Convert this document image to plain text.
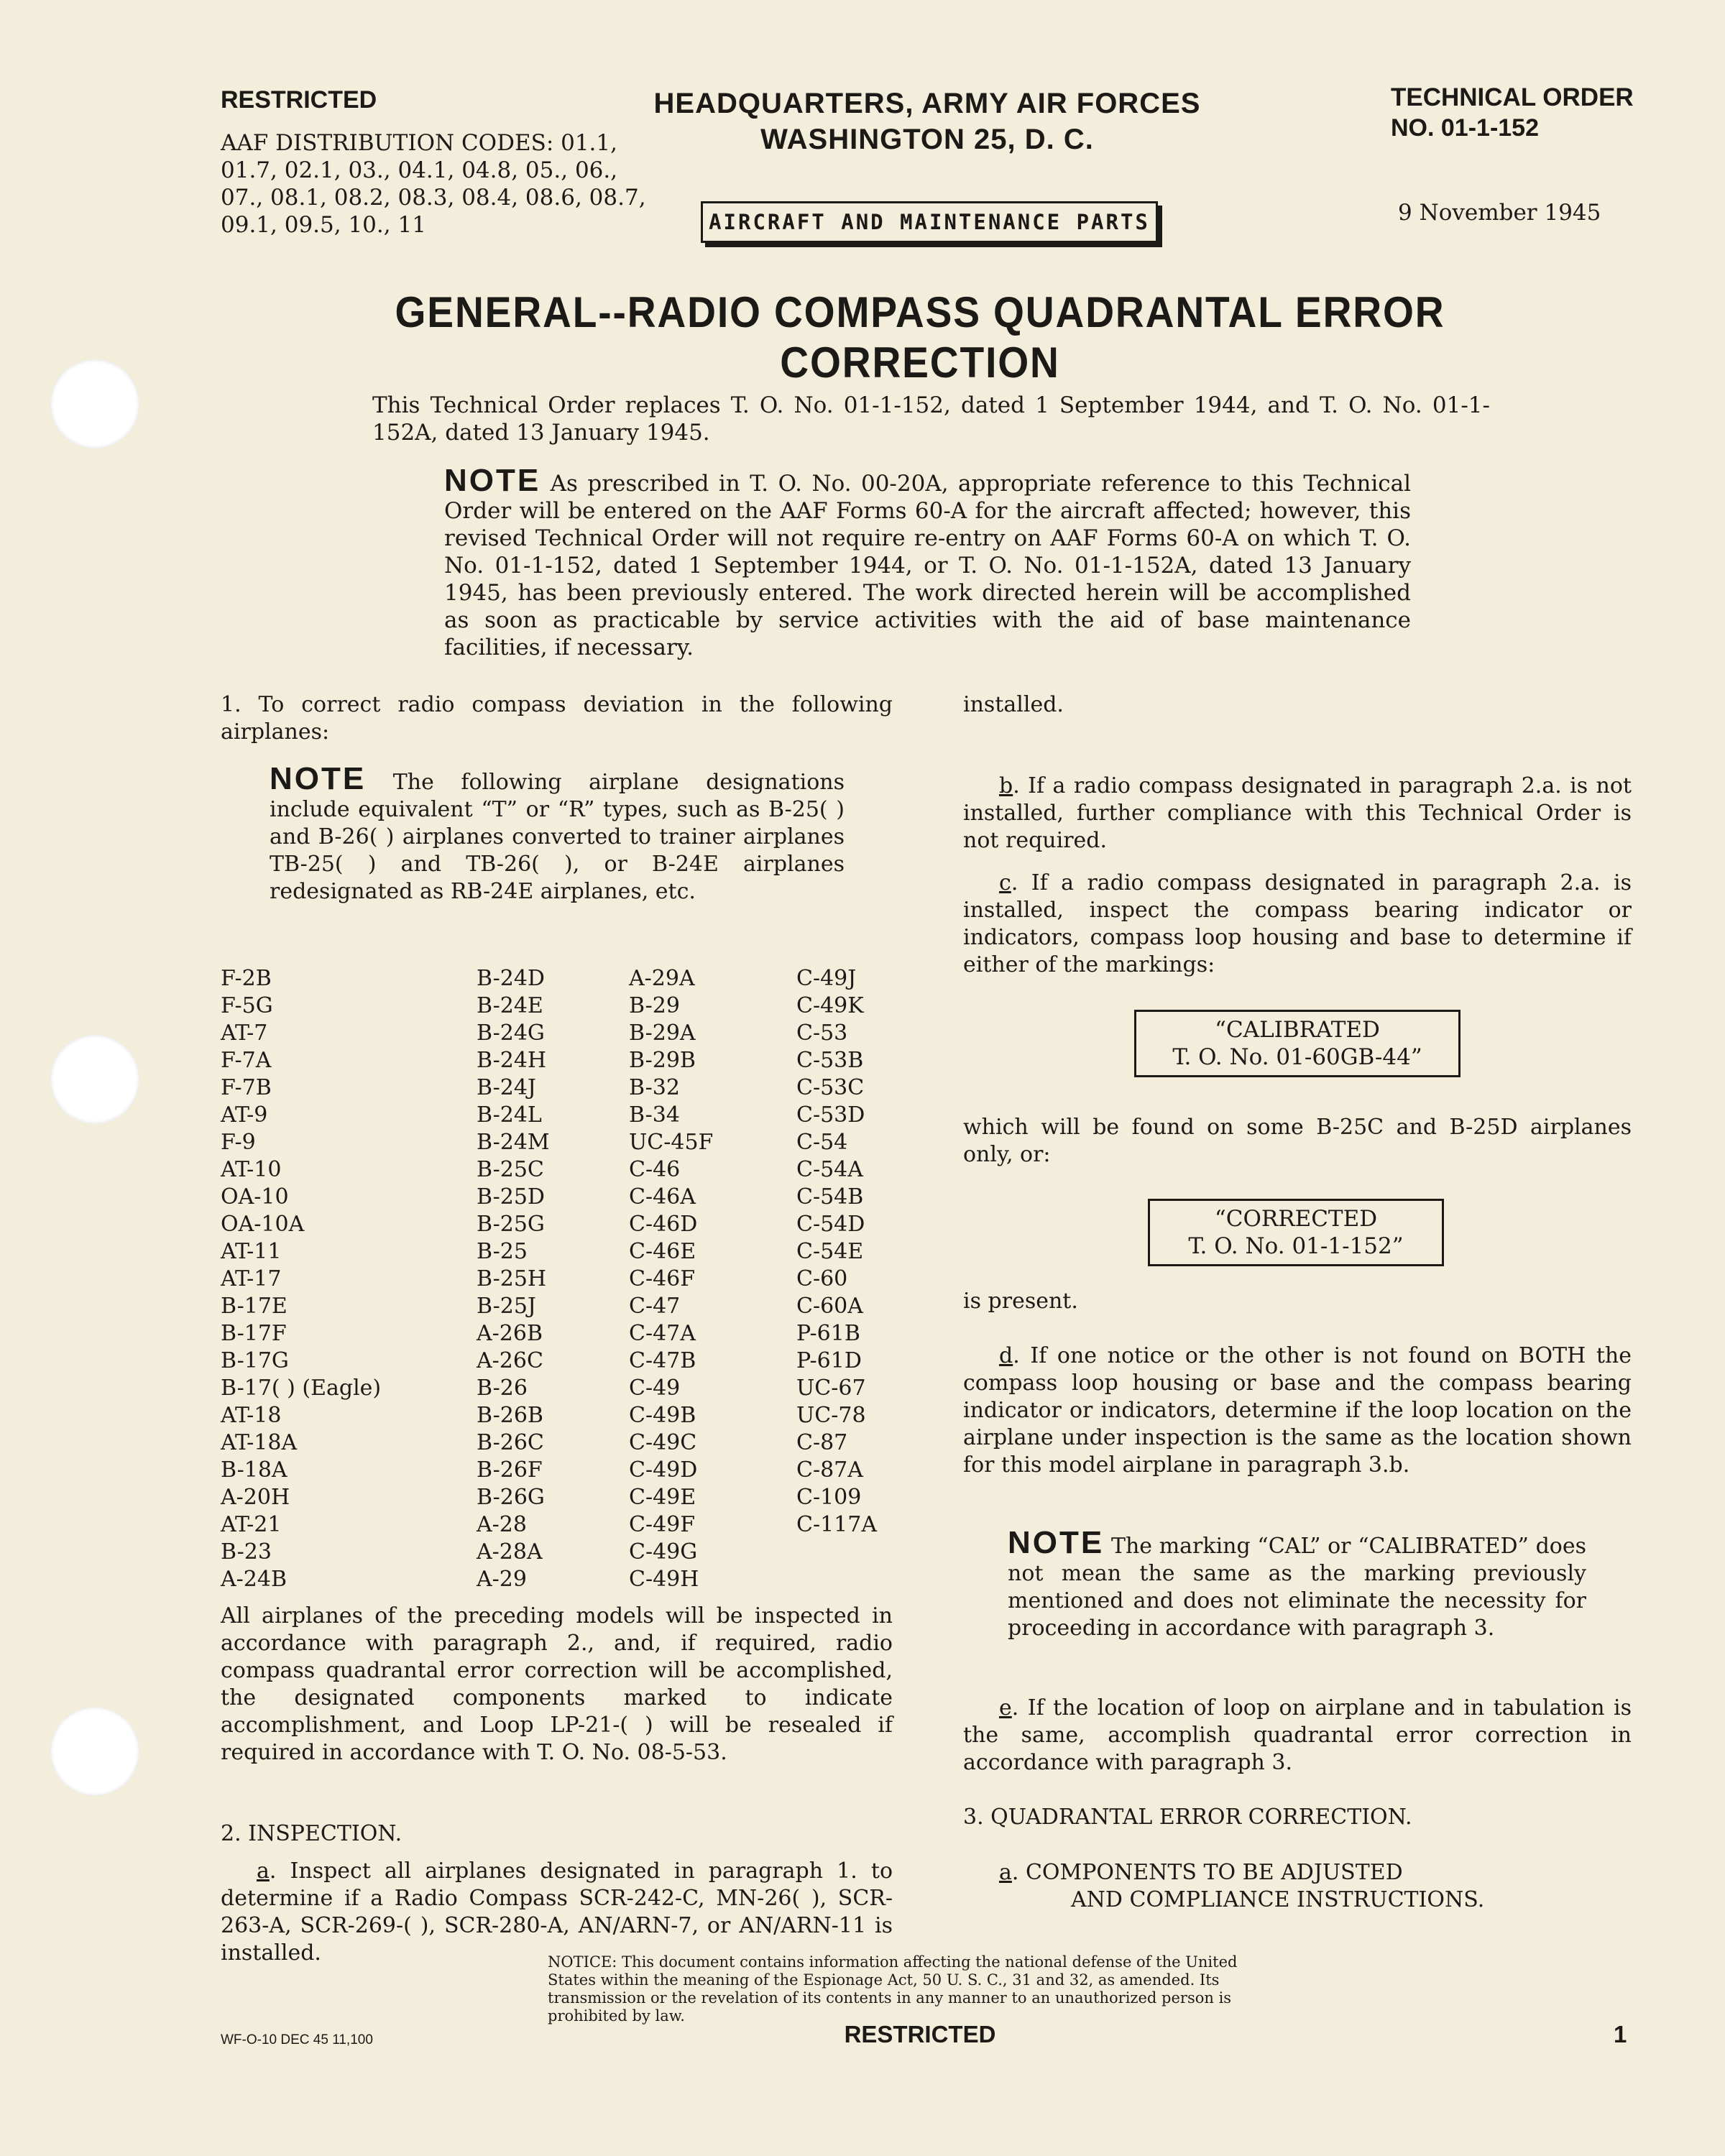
RESTRICTED
AAF DISTRIBUTION CODES: 01.1, 01.7, 02.1, 03., 04.1, 04.8, 05., 06., 07., 08.1, 08.2, 08.3, 08.4, 08.6, 08.7, 09.1, 09.5, 10., 11
HEADQUARTERS, ARMY AIR FORCES
WASHINGTON 25, D. C.
AIRCRAFT AND MAINTENANCE PARTS
TECHNICAL ORDER
NO. 01-1-152
9 November 1945
GENERAL--RADIO COMPASS QUADRANTAL ERROR CORRECTION

This Technical Order replaces T. O. No. 01-1-152, dated 1 September 1944, and T. O. No. 01-1-152A, dated 13 January 1945.

NOTE As prescribed in T. O. No. 00-20A, appropriate reference to this Technical Order will be entered on the AAF Forms 60-A for the aircraft affected; however, this revised Technical Order will not require re-entry on AAF Forms 60-A on which T. O. No. 01-1-152, dated 1 September 1944, or T. O. No. 01-1-152A, dated 13 January 1945, has been previously entered. The work directed herein will be accomplished as soon as practicable by service activities with the aid of base maintenance facilities, if necessary.

1. To correct radio compass deviation in the following airplanes:

NOTE The following airplane designations include equivalent “T” or “R” types, such as B-25( ) and B-26( ) airplanes converted to trainer airplanes TB-25( ) and TB-26( ), or B-24E airplanes redesignated as RB-24E airplanes, etc.
F-2B
F-5G
AT-7
F-7A
F-7B
AT-9
F-9
AT-10
OA-10
OA-10A
AT-11
AT-17
B-17E
B-17F
B-17G
B-17( ) (Eagle)
AT-18
AT-18A
B-18A
A-20H
AT-21
B-23
A-24B
B-24D
B-24E
B-24G
B-24H
B-24J
B-24L
B-24M
B-25C
B-25D
B-25G
B-25
B-25H
B-25J
A-26B
A-26C
B-26
B-26B
B-26C
B-26F
B-26G
A-28
A-28A
A-29
A-29A
B-29
B-29A
B-29B
B-32
B-34
UC-45F
C-46
C-46A
C-46D
C-46E
C-46F
C-47
C-47A
C-47B
C-49
C-49B
C-49C
C-49D
C-49E
C-49F
C-49G
C-49H
C-49J
C-49K
C-53
C-53B
C-53C
C-53D
C-54
C-54A
C-54B
C-54D
C-54E
C-60
C-60A
P-61B
P-61D
UC-67
UC-78
C-87
C-87A
C-109
C-117A

All airplanes of the preceding models will be inspected in accordance with paragraph 2., and, if required, radio compass quadrantal error correction will be accomplished, the designated components marked to indicate accomplishment, and Loop LP-21-( ) will be resealed if required in accordance with T. O. No. 08-5-53.

2. INSPECTION.

a. Inspect all airplanes designated in paragraph 1. to determine if a Radio Compass SCR-242-C, MN-26( ), SCR-263-A, SCR-269-( ), SCR-280-A, AN/ARN-7, or AN/ARN-11 is installed.

installed.

b. If a radio compass designated in paragraph 2.a. is not installed, further compliance with this Technical Order is not required.

c. If a radio compass designated in paragraph 2.a. is installed, inspect the compass bearing indicator or indicators, compass loop housing and base to determine if either of the markings:

“CALIBRATED
T. O. No. 01-60GB-44”

which will be found on some B-25C and B-25D airplanes only, or:

“CORRECTED
T. O. No. 01-1-152”

is present.

d. If one notice or the other is not found on BOTH the compass loop housing or base and the compass bearing indicator or indicators, determine if the loop location on the airplane under inspection is the same as the location shown for this model airplane in paragraph 3.b.

NOTE The marking “CAL” or “CALIBRATED” does not mean the same as the marking previously mentioned and does not eliminate the necessity for proceeding in accordance with paragraph 3.

e. If the location of loop on airplane and in tabulation is the same, accomplish quadrantal error correction in accordance with paragraph 3.

3. QUADRANTAL ERROR CORRECTION.

a. COMPONENTS TO BE ADJUSTED
AND COMPLIANCE INSTRUCTIONS.

NOTICE: This document contains information affecting the national defense of the United States within the meaning of the Espionage Act, 50 U. S. C., 31 and 32, as amended. Its transmission or the revelation of its contents in any manner to an unauthorized person is prohibited by law.

WF-O-10 DEC 45 11,100	RESTRICTED	1
